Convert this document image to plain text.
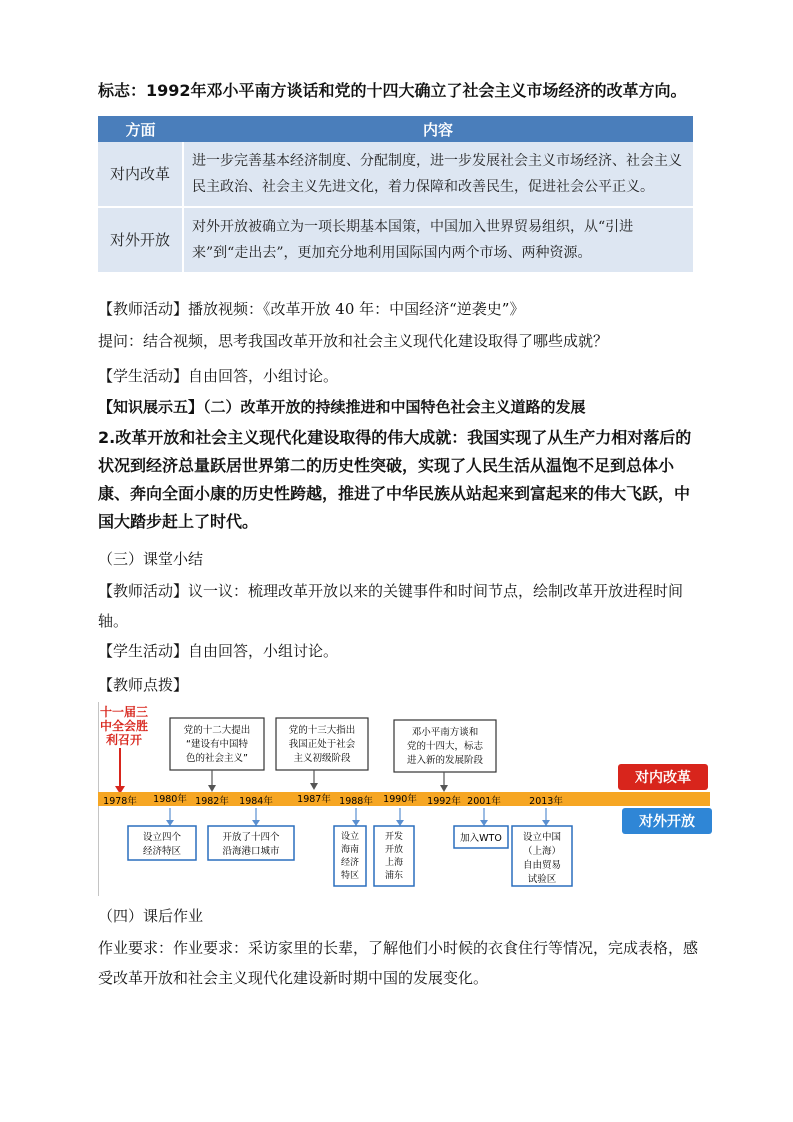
标志：1992年邓小平南方谈话和党的十四大确立了社会主义市场经济的改革方向。

方面	内容
对内改革	进一步完善基本经济制度、分配制度，进一步发展社会主义市场经济、社会主义民主政治、社会主义先进文化，着力保障和改善民生，促进社会公平正义。
对外开放	对外开放被确立为一项长期基本国策，中国加入世界贸易组织，从“引进来”到“走出去”，更加充分地利用国际国内两个市场、两种资源。

【教师活动】播放视频：《改革开放 40 年：中国经济“逆袭史”》

提问：结合视频，思考我国改革开放和社会主义现代化建设取得了哪些成就？

【学生活动】自由回答，小组讨论。

【知识展示五】（二）改革开放的持续推进和中国特色社会主义道路的发展

2.改革开放和社会主义现代化建设取得的伟大成就：我国实现了从生产力相对落后的状况到经济总量跃居世界第二的历史性突破，实现了人民生活从温饱不足到总体小康、奔向全面小康的历史性跨越，推进了中华民族从站起来到富起来的伟大飞跃，中国大踏步赶上了时代。

（三）课堂小结

【教师活动】议一议：梳理改革开放以来的关键事件和时间节点，绘制改革开放进程时间轴。

【学生活动】自由回答，小组讨论。

【教师点拨】

十一届三
中全会胜
利召开
1978年 1980年 1982年 1984年	1987年 1988年 1990年 1992年 2001年	2013年
党的十二大提出
“建设有中国特
色的社会主义”
党的十三大指出
我国正处于社会
主义初级阶段
邓小平南方谈和
党的十四大，标志
进入新的发展阶段
对内改革
对外开放
设立四个
经济特区
开放了十四个
沿海港口城市
设立
海南
经济
特区
开发
开放
上海
浦东
加入WTO 设立中国
（上海）
自由贸易
试验区

（四）课后作业

作业要求：作业要求：采访家里的长辈，了解他们小时候的衣食住行等情况，完成表格，感受改革开放和社会主义现代化建设新时期中国的发展变化。
